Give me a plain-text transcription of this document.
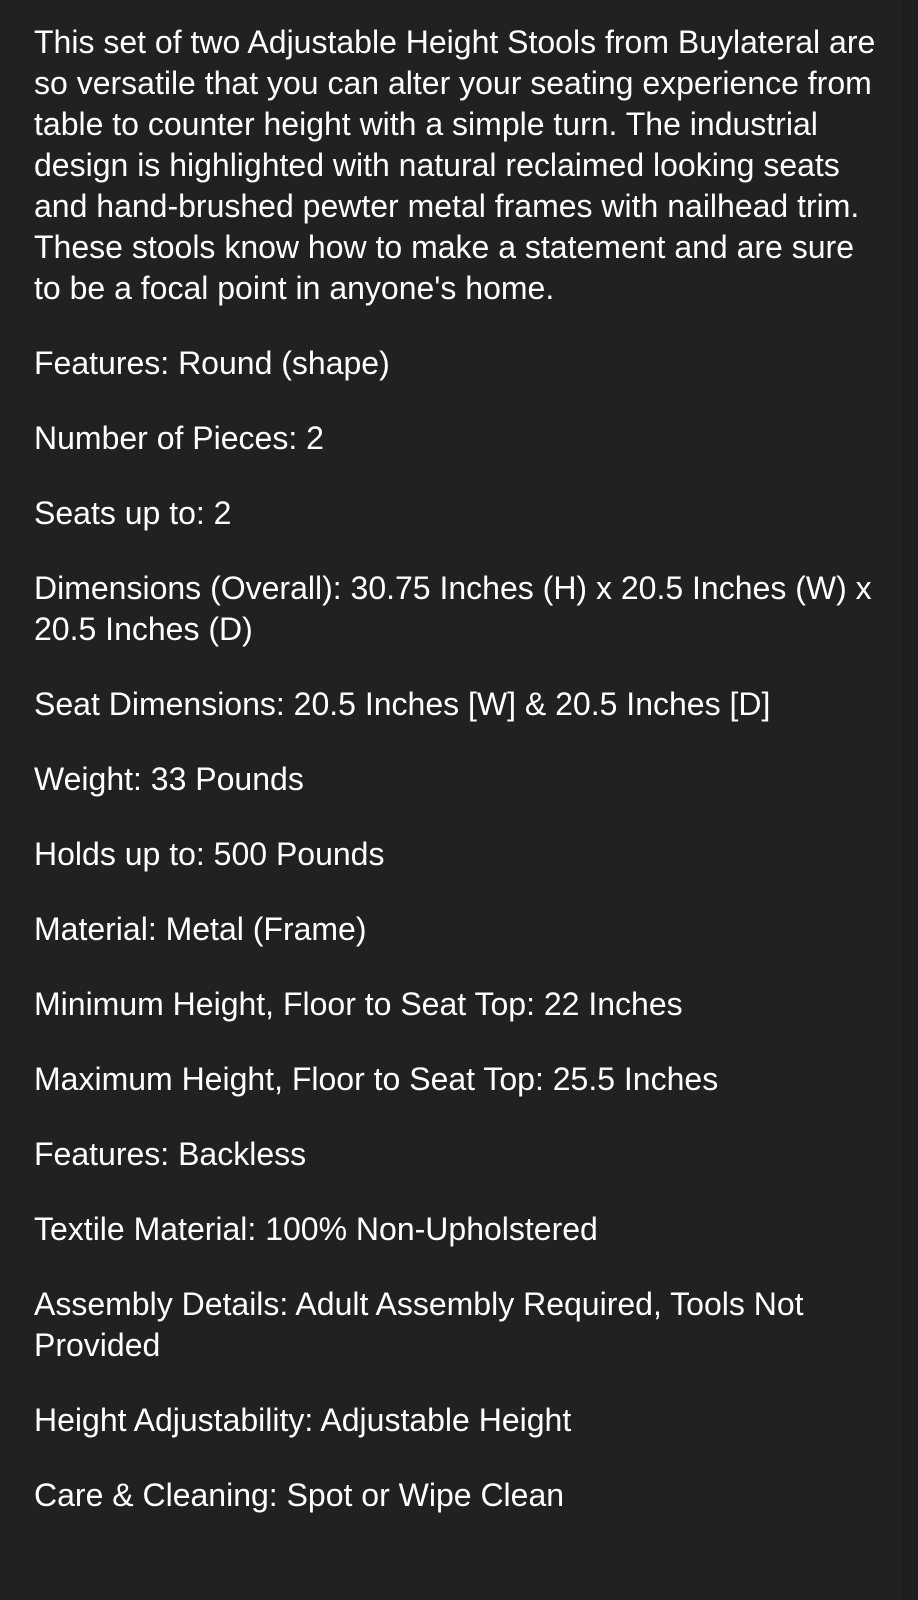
This set of two Adjustable Height Stools from Buylateral are so versatile that you can alter your seating experience from table to counter height with a simple turn. The industrial design is highlighted with natural reclaimed looking seats and hand-brushed pewter metal frames with nailhead trim. These stools know how to make a statement and are sure to be a focal point in anyone's home.

Features: Round (shape)
Number of Pieces: 2
Seats up to: 2
Dimensions (Overall): 30.75 Inches (H) x 20.5 Inches (W) x 20.5 Inches (D)
Seat Dimensions: 20.5 Inches [W] & 20.5 Inches [D]
Weight: 33 Pounds
Holds up to: 500 Pounds
Material: Metal (Frame)
Minimum Height, Floor to Seat Top: 22 Inches
Maximum Height, Floor to Seat Top: 25.5 Inches
Features: Backless
Textile Material: 100% Non-Upholstered
Assembly Details: Adult Assembly Required, Tools Not Provided
Height Adjustability: Adjustable Height
Care & Cleaning: Spot or Wipe Clean
